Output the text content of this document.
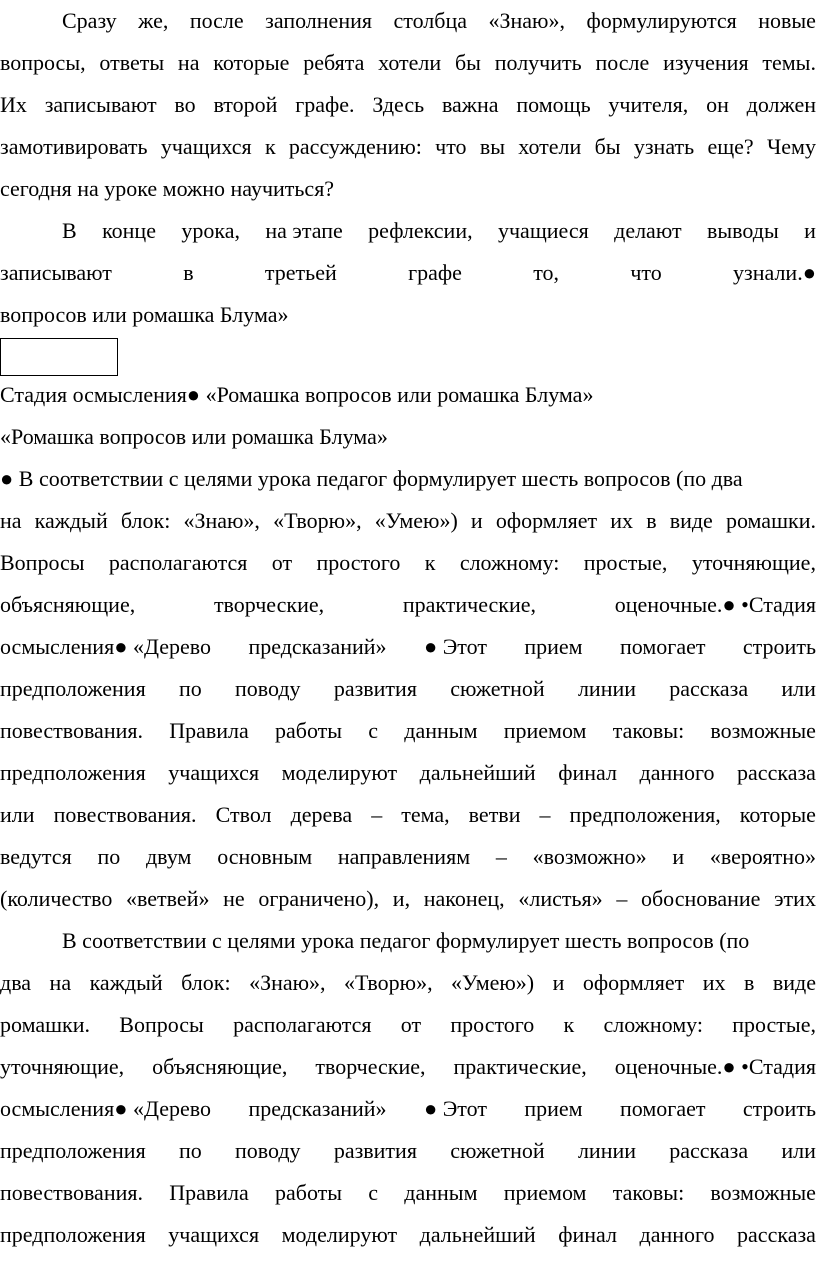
Сразу же, после заполнения столбца «Знаю», формулируются новые
вопросы, ответы на которые ребята хотели бы получить после изучения темы.
Их записывают во второй графе. Здесь важна помощь учителя, он должен
замотивировать учащихся к рассуждению: что вы хотели бы узнать еще? Чему
сегодня на уроке можно научиться?
В конце урока, на этапе рефлексии, учащиеся делают выводы и
записывают	в	третьей	графе	то,	что	узнали.●
вопросов или ромашка Блума»
Стадия осмысления● «Ромашка вопросов или ромашка Блума»
«Ромашка вопросов или ромашка Блума»
● В соответствии с целями урока педагог формулирует шесть вопросов (по два
на каждый блок: «Знаю», «Творю», «Умею») и оформляет их в виде ромашки.
Вопросы располагаются от простого к сложному: простые, уточняющие,
объясняющие,	творческие,	практические,	оценочные.● •Стадия
осмысления● «Дерево предсказаний» ● Этот прием помогает строить
предположения по поводу развития сюжетной линии рассказа или
повествования. Правила работы с данным приемом таковы: возможные
предположения учащихся моделируют дальнейший финал данного рассказа
или повествования. Ствол дерева – тема, ветви – предположения, которые
ведутся по двум основным направлениям – «возможно» и «вероятно»
(количество «ветвей» не ограничено), и, наконец, «листья» – обоснование этих
В соответствии с целями урока педагог формулирует шесть вопросов (по
два на каждый блок: «Знаю», «Творю», «Умею») и оформляет их в виде
ромашки. Вопросы располагаются от простого к сложному: простые,
уточняющие, объясняющие, творческие, практические, оценочные.● •Стадия
осмысления● «Дерево предсказаний» ● Этот прием помогает строить
предположения по поводу развития сюжетной линии рассказа или
повествования. Правила работы с данным приемом таковы: возможные
предположения учащихся моделируют дальнейший финал данного рассказа
